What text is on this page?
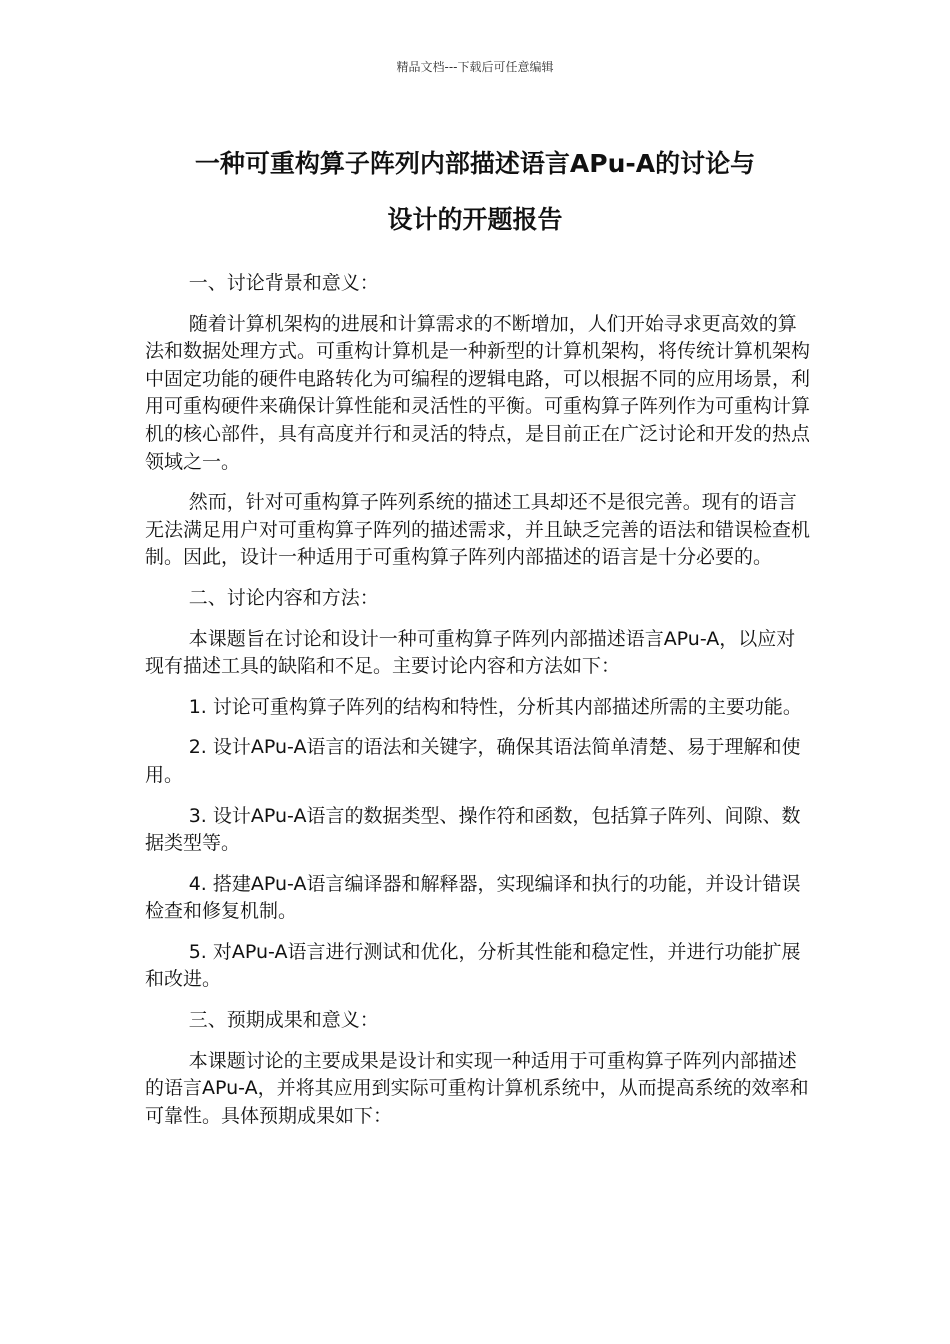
精品文档---下载后可任意编辑
一种可重构算子阵列内部描述语言APu-A的讨论与
设计的开题报告

一、讨论背景和意义：

随着计算机架构的进展和计算需求的不断增加，人们开始寻求更高效的算法和数据处理方式。可重构计算机是一种新型的计算机架构，将传统计算机架构中固定功能的硬件电路转化为可编程的逻辑电路，可以根据不同的应用场景，利用可重构硬件来确保计算性能和灵活性的平衡。可重构算子阵列作为可重构计算机的核心部件，具有高度并行和灵活的特点，是目前正在广泛讨论和开发的热点领域之一。

然而，针对可重构算子阵列系统的描述工具却还不是很完善。现有的语言无法满足用户对可重构算子阵列的描述需求，并且缺乏完善的语法和错误检查机制。因此，设计一种适用于可重构算子阵列内部描述的语言是十分必要的。

二、讨论内容和方法：

本课题旨在讨论和设计一种可重构算子阵列内部描述语言APu-A，以应对现有描述工具的缺陷和不足。主要讨论内容和方法如下：

1. 讨论可重构算子阵列的结构和特性，分析其内部描述所需的主要功能。

2. 设计APu-A语言的语法和关键字，确保其语法简单清楚、易于理解和使用。

3. 设计APu-A语言的数据类型、操作符和函数，包括算子阵列、间隙、数据类型等。

4. 搭建APu-A语言编译器和解释器，实现编译和执行的功能，并设计错误检查和修复机制。

5. 对APu-A语言进行测试和优化，分析其性能和稳定性，并进行功能扩展和改进。

三、预期成果和意义：

本课题讨论的主要成果是设计和实现一种适用于可重构算子阵列内部描述的语言APu-A，并将其应用到实际可重构计算机系统中，从而提高系统的效率和可靠性。具体预期成果如下：
